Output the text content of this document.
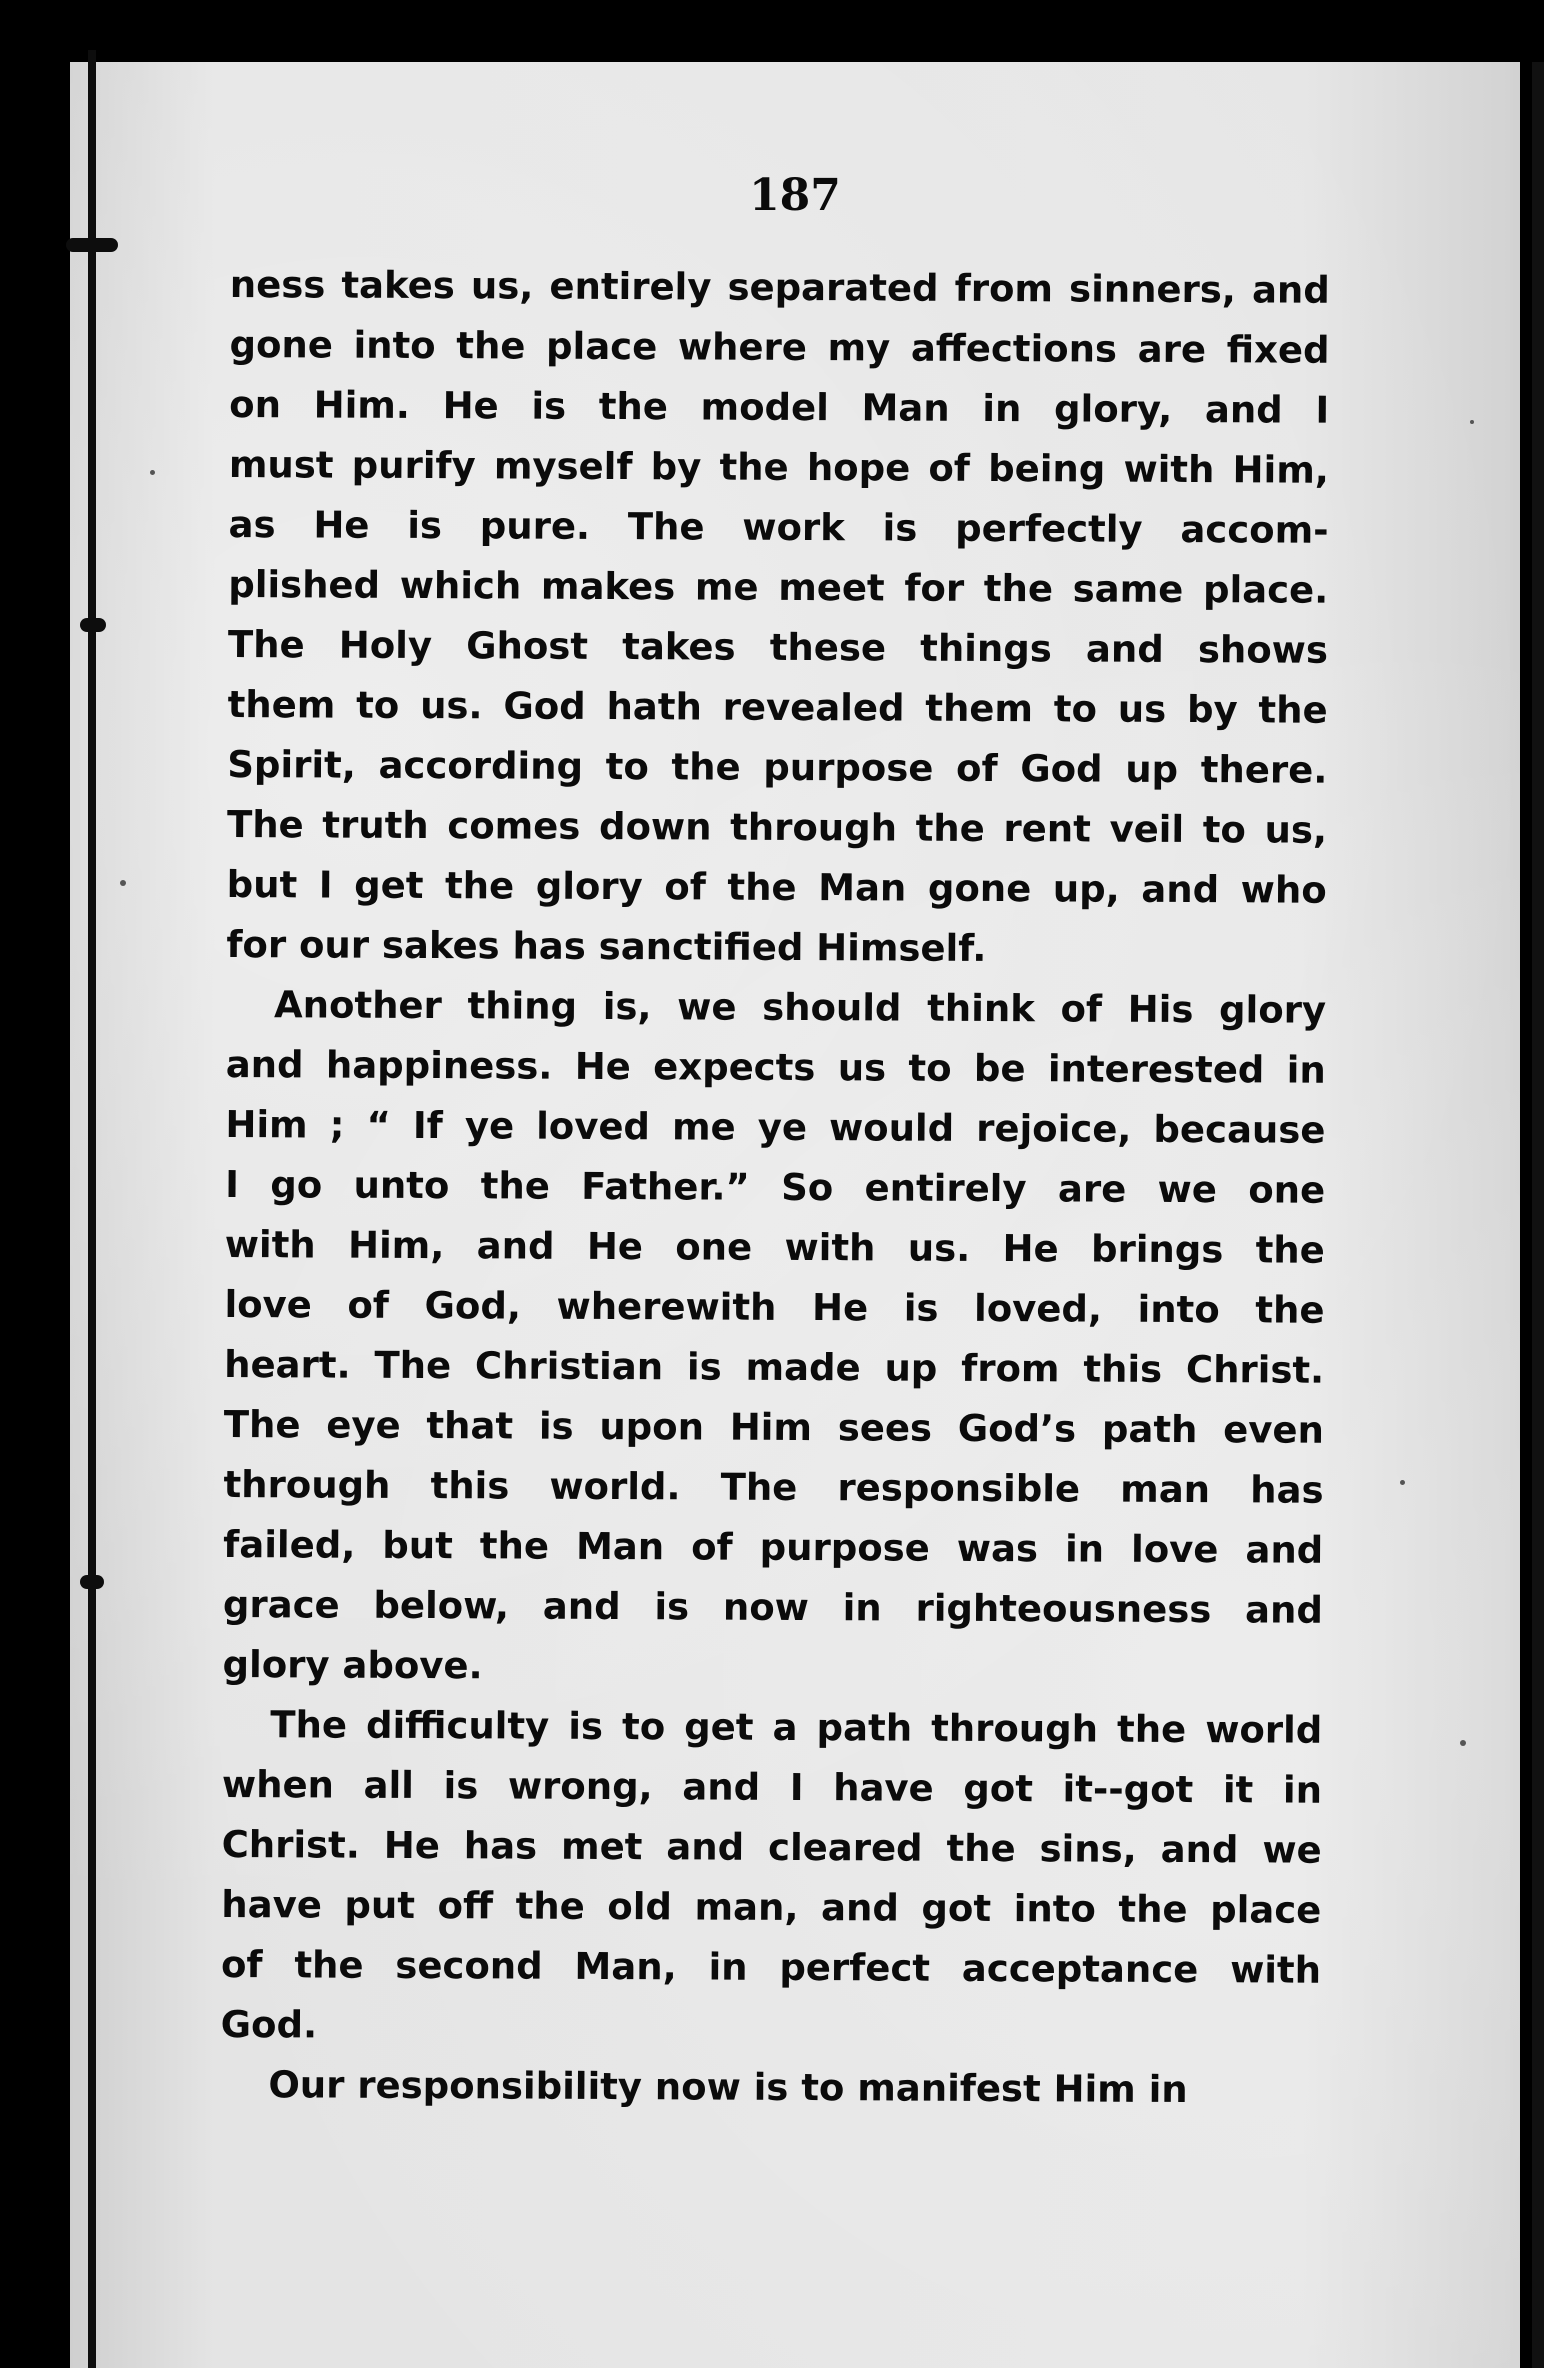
187
ness takes us, entirely separated from sinners, and
gone into the place where my affections are fixed
on Him. He is the model Man in glory, and I
must purify myself by the hope of being with Him,
as He is pure. The work is perfectly accom-
plished which makes me meet for the same place.
The Holy Ghost takes these things and shows
them to us. God hath revealed them to us by the
Spirit, according to the purpose of God up there.
The truth comes down through the rent veil to us,
but I get the glory of the Man gone up, and who
for our sakes has sanctified Himself.
Another thing is, we should think of His glory
and happiness. He expects us to be interested in
Him ; “ If ye loved me ye would rejoice, because
I go unto the Father.” So entirely are we one
with Him, and He one with us. He brings the
love of God, wherewith He is loved, into the
heart. The Christian is made up from this Christ.
The eye that is upon Him sees God’s path even
through this world. The responsible man has
failed, but the Man of purpose was in love and
grace below, and is now in righteousness and
glory above.
The difficulty is to get a path through the world
when all is wrong, and I have got it--got it in
Christ. He has met and cleared the sins, and we
have put off the old man, and got into the place
of the second Man, in perfect acceptance with
God.
Our responsibility now is to manifest Him in
